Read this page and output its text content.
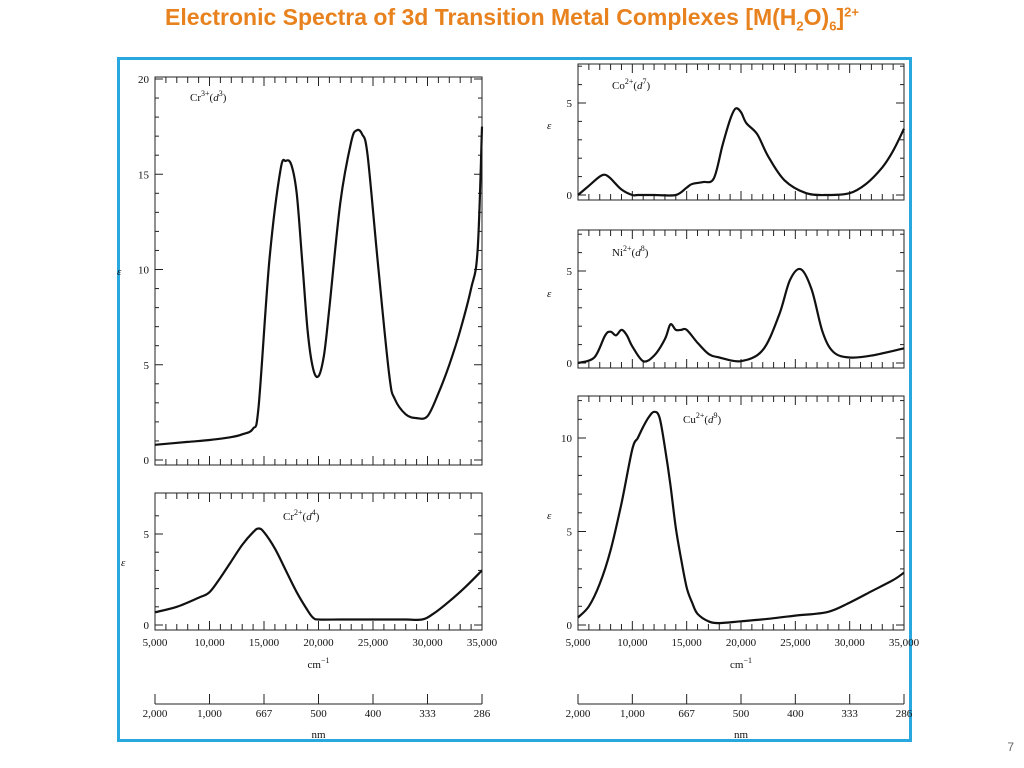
Electronic Spectra of 3d Transition Metal Complexes $[M(H_2O)_6]^{2+}$
0
5
10
15
20
ε
$Cr^{3+}(d^3)$
0
5
ε
$Cr^{2+}(d^4)$
0
5
ε
$Co^{2+}(d^7)$
0
5
ε
$Ni^{2+}(d^8)$
0
5
10
ε
$Cu^{2+}(d^9)$
5,000 10,000 15,000 20,000 25,000 30,000 35,000
$cm^{-1}$
2,000	1,000	667	500	400	333	286
nm
5,000 10,000 15,000 20,000 25,000 30,000 35,000
$cm^{-1}$
2,000	1,000	667	500	400	333	286
nm
7
